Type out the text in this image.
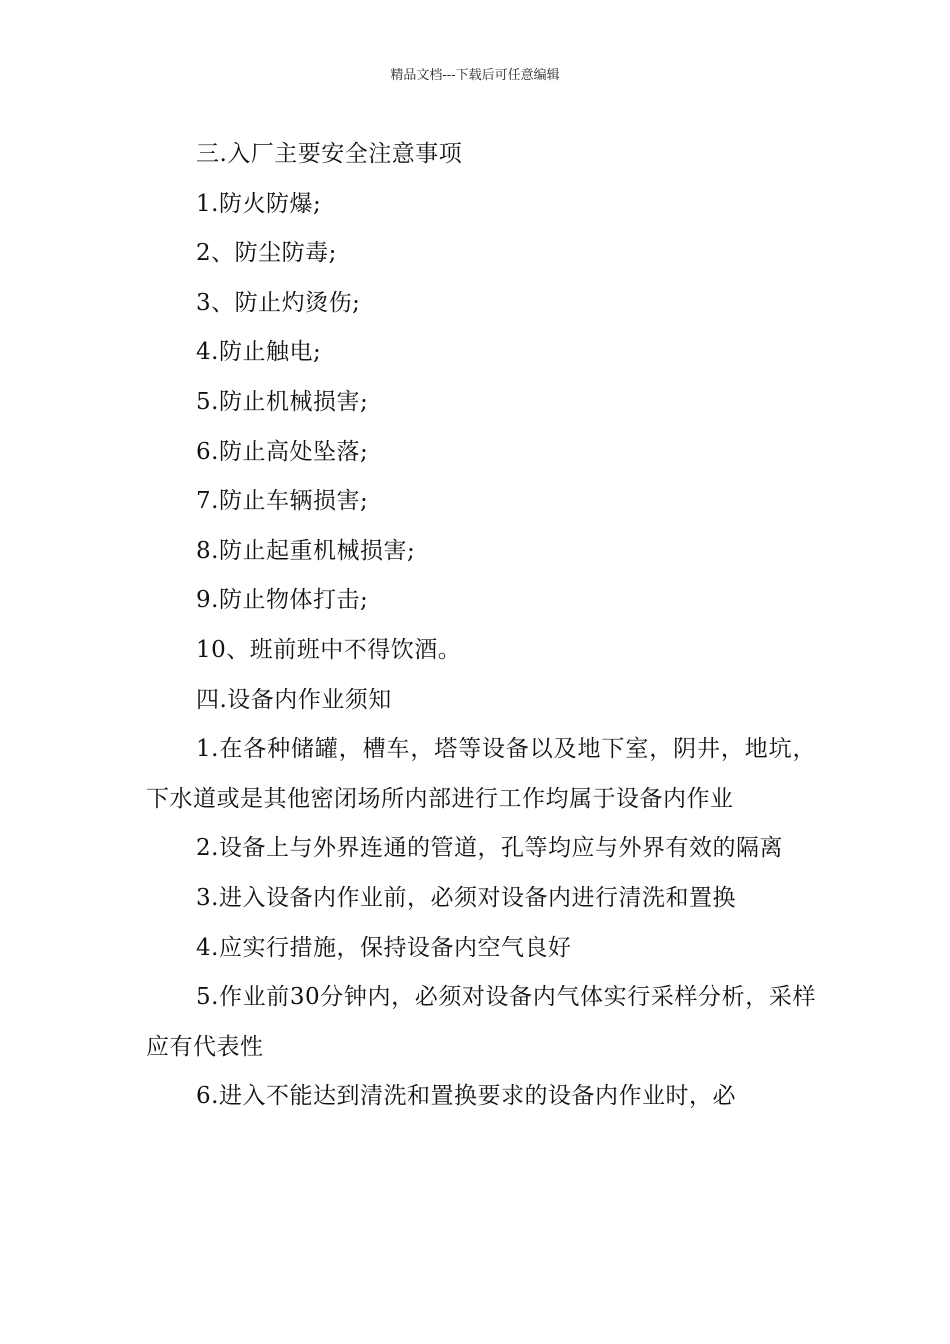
精品文档---下载后可任意编辑

三.入厂主要安全注意事项

1.防火防爆;

2、防尘防毒;

3、防止灼烫伤;

4.防止触电;

5.防止机械损害;

6.防止高处坠落;

7.防止车辆损害;

8.防止起重机械损害;

9.防止物体打击;

10、班前班中不得饮酒。

四.设备内作业须知

1.在各种储罐，槽车，塔等设备以及地下室，阴井，地坑，下水道或是其他密闭场所内部进行工作均属于设备内作业

2.设备上与外界连通的管道，孔等均应与外界有效的隔离

3.进入设备内作业前，必须对设备内进行清洗和置换

4.应实行措施，保持设备内空气良好

5.作业前30分钟内，必须对设备内气体实行采样分析，采样应有代表性

6.进入不能达到清洗和置换要求的设备内作业时，必
